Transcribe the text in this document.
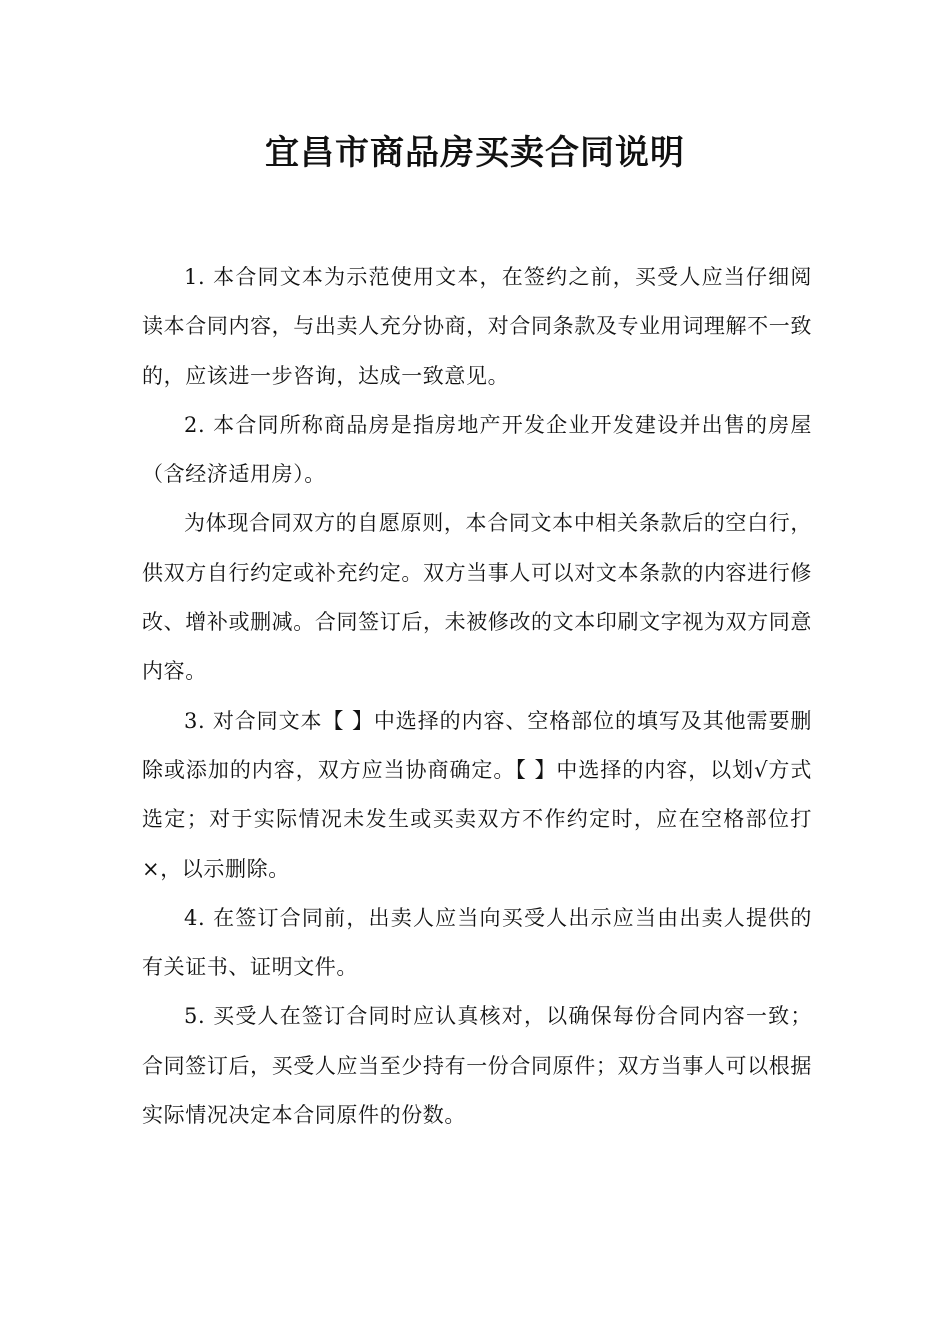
宜昌市商品房买卖合同说明

1. 本合同文本为示范使用文本，在签约之前，买受人应当仔细阅读本合同内容，与出卖人充分协商，对合同条款及专业用词理解不一致的，应该进一步咨询，达成一致意见。

2. 本合同所称商品房是指房地产开发企业开发建设并出售的房屋（含经济适用房）。

为体现合同双方的自愿原则，本合同文本中相关条款后的空白行，供双方自行约定或补充约定。双方当事人可以对文本条款的内容进行修改、增补或删减。合同签订后，未被修改的文本印刷文字视为双方同意内容。

3. 对合同文本【 】中选择的内容、空格部位的填写及其他需要删除或添加的内容，双方应当协商确定。【 】中选择的内容，以划√方式选定；对于实际情况未发生或买卖双方不作约定时，应在空格部位打×，以示删除。

4. 在签订合同前，出卖人应当向买受人出示应当由出卖人提供的有关证书、证明文件。

5. 买受人在签订合同时应认真核对，以确保每份合同内容一致；合同签订后，买受人应当至少持有一份合同原件；双方当事人可以根据实际情况决定本合同原件的份数。
